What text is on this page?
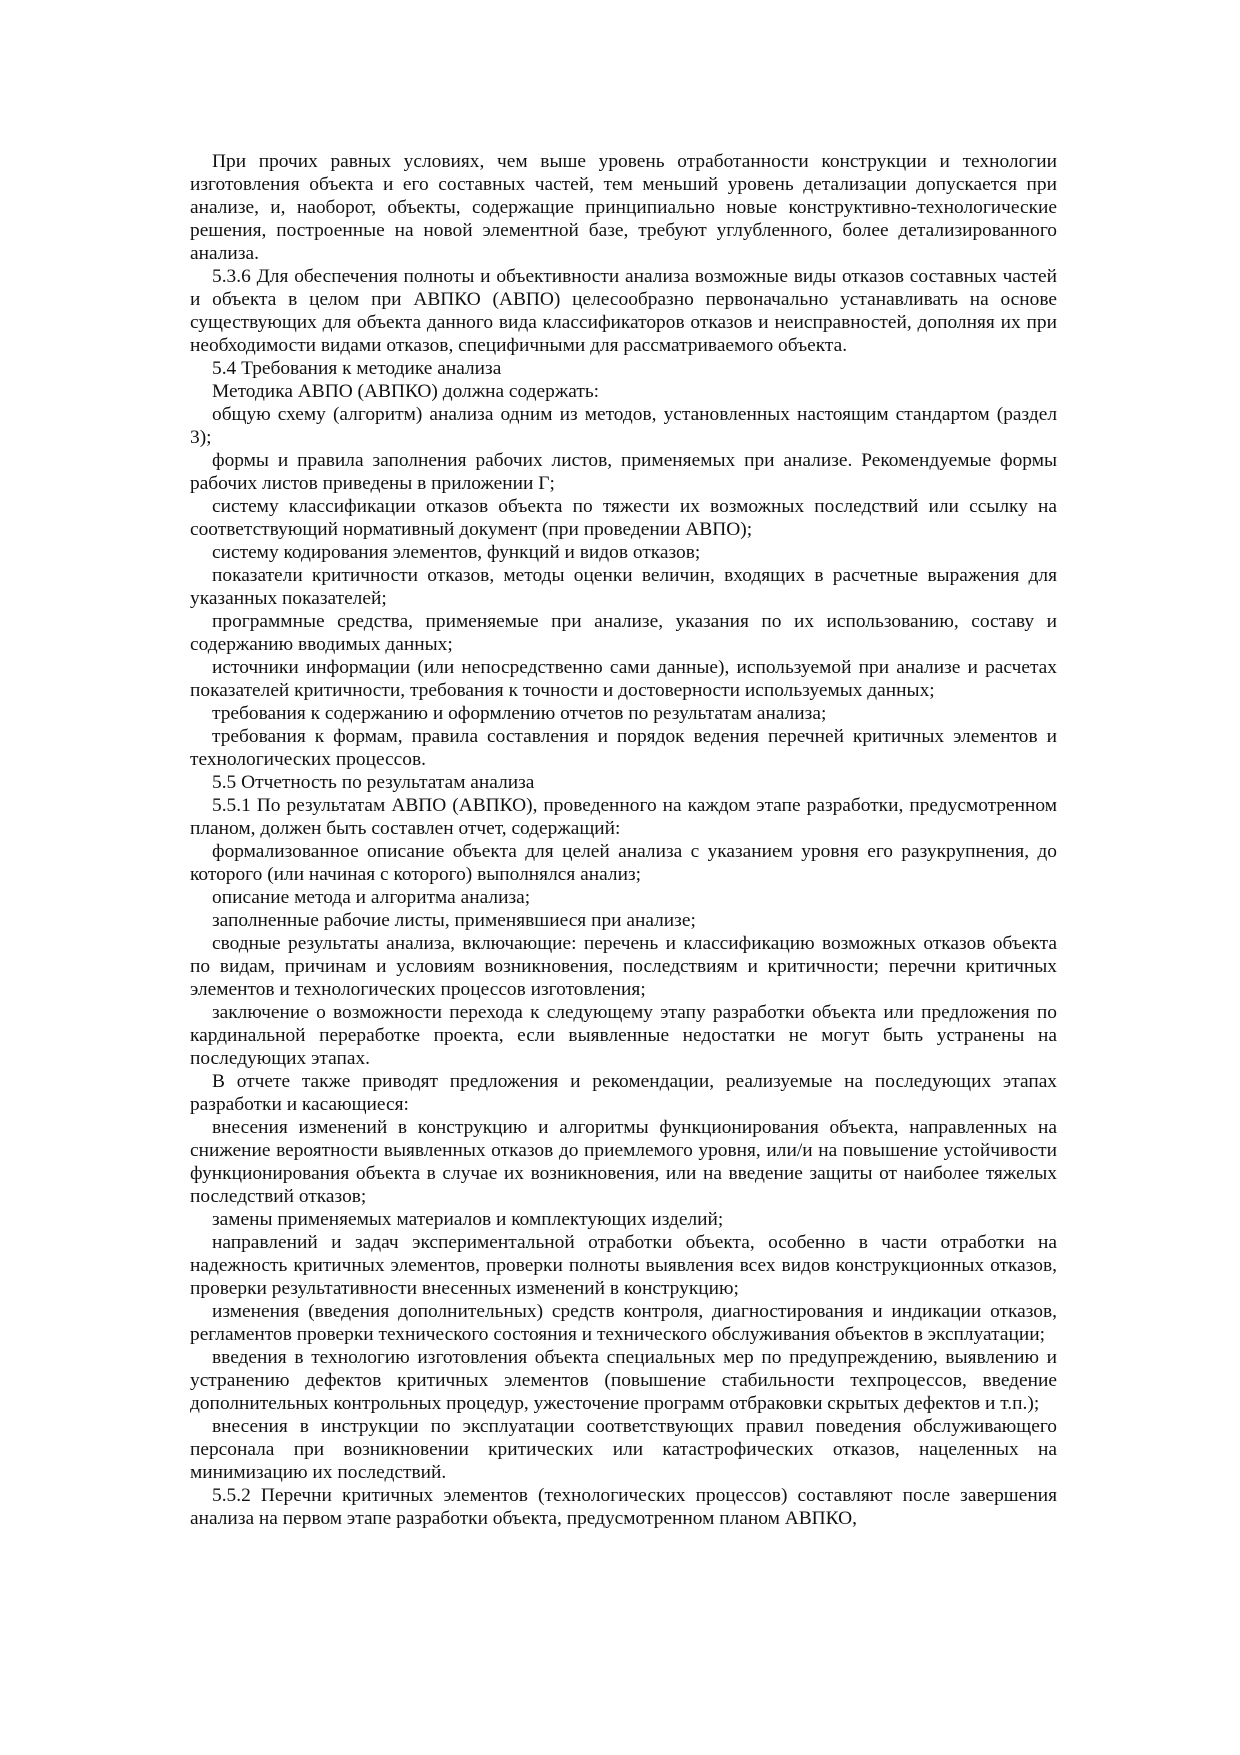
При прочих равных условиях, чем выше уровень отработанности конструкции и технологии изготовления объекта и его составных частей, тем меньший уровень детализации допускается при анализе, и, наоборот, объекты, содержащие принципиально новые конструктивно-технологические решения, построенные на новой элементной базе, требуют углубленного, более детализированного анализа.

5.3.6 Для обеспечения полноты и объективности анализа возможные виды отказов составных частей и объекта в целом при АВПКО (АВПО) целесообразно первоначально устанавливать на основе существующих для объекта данного вида классификаторов отказов и неисправностей, дополняя их при необходимости видами отказов, специфичными для рассматриваемого объекта.

5.4 Требования к методике анализа

Методика АВПО (АВПКО) должна содержать:

общую схему (алгоритм) анализа одним из методов, установленных настоящим стандартом (раздел 3);

формы и правила заполнения рабочих листов, применяемых при анализе. Рекомендуемые формы рабочих листов приведены в приложении Г;

систему классификации отказов объекта по тяжести их возможных последствий или ссылку на соответствующий нормативный документ (при проведении АВПО);

систему кодирования элементов, функций и видов отказов;

показатели критичности отказов, методы оценки величин, входящих в расчетные выражения для указанных показателей;

программные средства, применяемые при анализе, указания по их использованию, составу и содержанию вводимых данных;

источники информации (или непосредственно сами данные), используемой при анализе и расчетах показателей критичности, требования к точности и достоверности используемых данных;

требования к содержанию и оформлению отчетов по результатам анализа;

требования к формам, правила составления и порядок ведения перечней критичных элементов и технологических процессов.

5.5 Отчетность по результатам анализа

5.5.1 По результатам АВПО (АВПКО), проведенного на каждом этапе разработки, предусмотренном планом, должен быть составлен отчет, содержащий:

формализованное описание объекта для целей анализа с указанием уровня его разукрупнения, до которого (или начиная с которого) выполнялся анализ;

описание метода и алгоритма анализа;

заполненные рабочие листы, применявшиеся при анализе;

сводные результаты анализа, включающие: перечень и классификацию возможных отказов объекта по видам, причинам и условиям возникновения, последствиям и критичности; перечни критичных элементов и технологических процессов изготовления;

заключение о возможности перехода к следующему этапу разработки объекта или предложения по кардинальной переработке проекта, если выявленные недостатки не могут быть устранены на последующих этапах.

В отчете также приводят предложения и рекомендации, реализуемые на последующих этапах разработки и касающиеся:

внесения изменений в конструкцию и алгоритмы функционирования объекта, направленных на снижение вероятности выявленных отказов до приемлемого уровня, или/и на повышение устойчивости функционирования объекта в случае их возникновения, или на введение защиты от наиболее тяжелых последствий отказов;

замены применяемых материалов и комплектующих изделий;

направлений и задач экспериментальной отработки объекта, особенно в части отработки на надежность критичных элементов, проверки полноты выявления всех видов конструкционных отказов, проверки результативности внесенных изменений в конструкцию;

изменения (введения дополнительных) средств контроля, диагностирования и индикации отказов, регламентов проверки технического состояния и технического обслуживания объектов в эксплуатации;

введения в технологию изготовления объекта специальных мер по предупреждению, выявлению и устранению дефектов критичных элементов (повышение стабильности техпроцессов, введение дополнительных контрольных процедур, ужесточение программ отбраковки скрытых дефектов и т.п.);

внесения в инструкции по эксплуатации соответствующих правил поведения обслуживающего персонала при возникновении критических или катастрофических отказов, нацеленных на минимизацию их последствий.

5.5.2 Перечни критичных элементов (технологических процессов) составляют после завершения анализа на первом этапе разработки объекта, предусмотренном планом АВПКО,
